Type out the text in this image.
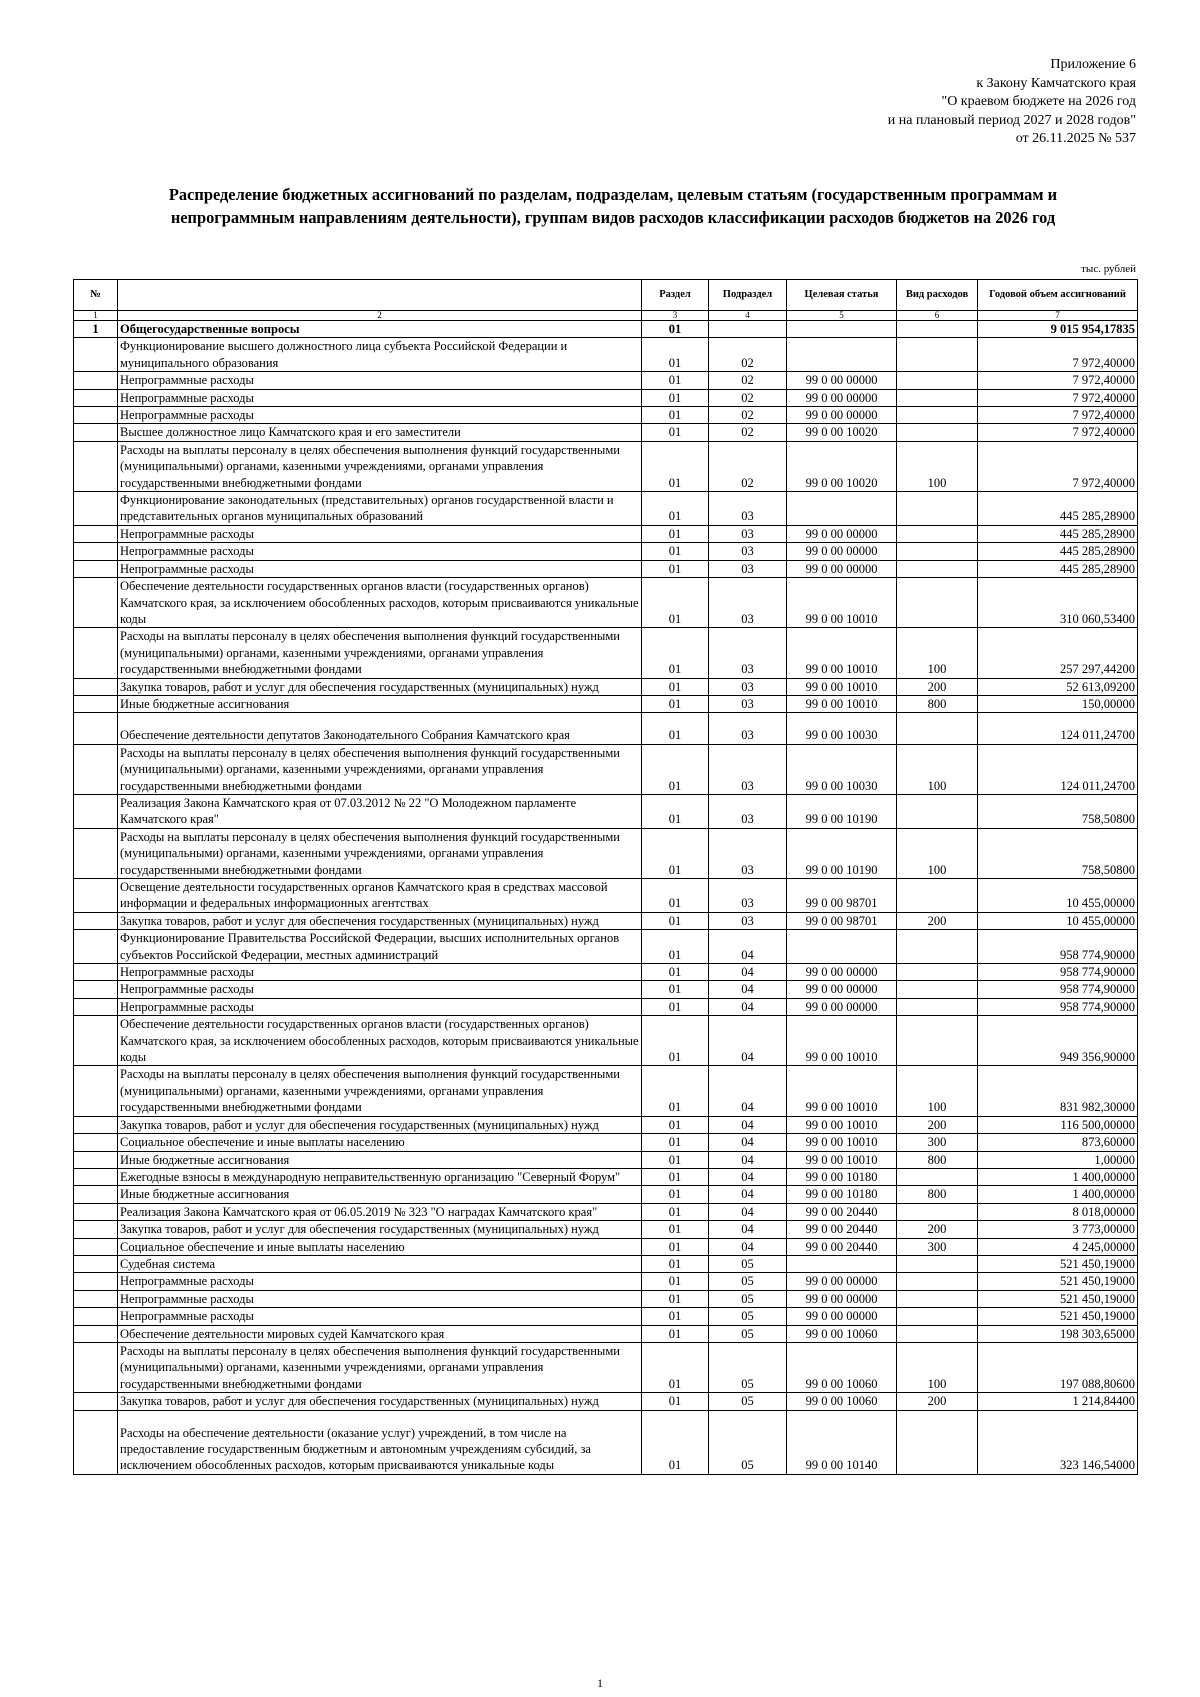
Приложение 6
к Закону Камчатского края
"О краевом бюджете на 2026 год
и на плановый период 2027 и 2028 годов"
от 26.11.2025 № 537
Распределение бюджетных ассигнований по разделам, подразделам, целевым статьям (государственным программам и непрограммным направлениям деятельности), группам видов расходов классификации расходов бюджетов на 2026 год
тыс. рублей
№		Раздел	Подраздел	Целевая статья	Вид расходов	Годовой объем ассигнований
1	2	3	4	5	6	7
1	Общегосударственные вопросы	01				9 015 954,17835
	Функционирование высшего должностного лица субъекта Российской Федерации и муниципального образования	01	02			7 972,40000
	Непрограммные расходы	01	02	99 0 00 00000		7 972,40000
	Непрограммные расходы	01	02	99 0 00 00000		7 972,40000
	Непрограммные расходы	01	02	99 0 00 00000		7 972,40000
	Высшее должностное лицо Камчатского края и его заместители	01	02	99 0 00 10020		7 972,40000
	Расходы на выплаты персоналу в целях обеспечения выполнения функций государственными (муниципальными) органами, казенными учреждениями, органами управления государственными внебюджетными фондами	01	02	99 0 00 10020	100	7 972,40000
	Функционирование законодательных (представительных) органов государственной власти и представительных органов муниципальных образований	01	03			445 285,28900
	Непрограммные расходы	01	03	99 0 00 00000		445 285,28900
	Непрограммные расходы	01	03	99 0 00 00000		445 285,28900
	Непрограммные расходы	01	03	99 0 00 00000		445 285,28900
	Обеспечение деятельности государственных органов власти (государственных органов) Камчатского края, за исключением обособленных расходов, которым присваиваются уникальные коды	01	03	99 0 00 10010		310 060,53400
	Расходы на выплаты персоналу в целях обеспечения выполнения функций государственными (муниципальными) органами, казенными учреждениями, органами управления государственными внебюджетными фондами	01	03	99 0 00 10010	100	257 297,44200
	Закупка товаров, работ и услуг для обеспечения государственных (муниципальных) нужд	01	03	99 0 00 10010	200	52 613,09200
	Иные бюджетные ассигнования	01	03	99 0 00 10010	800	150,00000
	Обеспечение деятельности депутатов Законодательного Собрания Камчатского края	01	03	99 0 00 10030		124 011,24700
	Расходы на выплаты персоналу в целях обеспечения выполнения функций государственными (муниципальными) органами, казенными учреждениями, органами управления государственными внебюджетными фондами	01	03	99 0 00 10030	100	124 011,24700
	Реализация Закона Камчатского края от 07.03.2012 № 22 "О Молодежном парламенте Камчатского края"	01	03	99 0 00 10190		758,50800
	Расходы на выплаты персоналу в целях обеспечения выполнения функций государственными (муниципальными) органами, казенными учреждениями, органами управления государственными внебюджетными фондами	01	03	99 0 00 10190	100	758,50800
	Освещение деятельности государственных органов Камчатского края в средствах массовой информации и федеральных информационных агентствах	01	03	99 0 00 98701		10 455,00000
	Закупка товаров, работ и услуг для обеспечения государственных (муниципальных) нужд	01	03	99 0 00 98701	200	10 455,00000
	Функционирование Правительства Российской Федерации, высших исполнительных органов субъектов Российской Федерации, местных администраций	01	04			958 774,90000
	Непрограммные расходы	01	04	99 0 00 00000		958 774,90000
	Непрограммные расходы	01	04	99 0 00 00000		958 774,90000
	Непрограммные расходы	01	04	99 0 00 00000		958 774,90000
	Обеспечение деятельности государственных органов власти (государственных органов) Камчатского края, за исключением обособленных расходов, которым присваиваются уникальные коды	01	04	99 0 00 10010		949 356,90000
	Расходы на выплаты персоналу в целях обеспечения выполнения функций государственными (муниципальными) органами, казенными учреждениями, органами управления государственными внебюджетными фондами	01	04	99 0 00 10010	100	831 982,30000
	Закупка товаров, работ и услуг для обеспечения государственных (муниципальных) нужд	01	04	99 0 00 10010	200	116 500,00000
	Социальное обеспечение и иные выплаты населению	01	04	99 0 00 10010	300	873,60000
	Иные бюджетные ассигнования	01	04	99 0 00 10010	800	1,00000
	Ежегодные взносы в международную неправительственную организацию "Северный Форум"	01	04	99 0 00 10180		1 400,00000
	Иные бюджетные ассигнования	01	04	99 0 00 10180	800	1 400,00000
	Реализация Закона Камчатского края от 06.05.2019 № 323 "О наградах Камчатского края"	01	04	99 0 00 20440		8 018,00000
	Закупка товаров, работ и услуг для обеспечения государственных (муниципальных) нужд	01	04	99 0 00 20440	200	3 773,00000
	Социальное обеспечение и иные выплаты населению	01	04	99 0 00 20440	300	4 245,00000
	Судебная система	01	05			521 450,19000
	Непрограммные расходы	01	05	99 0 00 00000		521 450,19000
	Непрограммные расходы	01	05	99 0 00 00000		521 450,19000
	Непрограммные расходы	01	05	99 0 00 00000		521 450,19000
	Обеспечение деятельности мировых судей Камчатского края	01	05	99 0 00 10060		198 303,65000
	Расходы на выплаты персоналу в целях обеспечения выполнения функций государственными (муниципальными) органами, казенными учреждениями, органами управления государственными внебюджетными фондами	01	05	99 0 00 10060	100	197 088,80600
	Закупка товаров, работ и услуг для обеспечения государственных (муниципальных) нужд	01	05	99 0 00 10060	200	1 214,84400
	Расходы на обеспечение деятельности (оказание услуг) учреждений, в том числе на предоставление государственным бюджетным и автономным учреждениям субсидий, за исключением обособленных расходов, которым присваиваются уникальные коды	01	05	99 0 00 10140		323 146,54000
1
